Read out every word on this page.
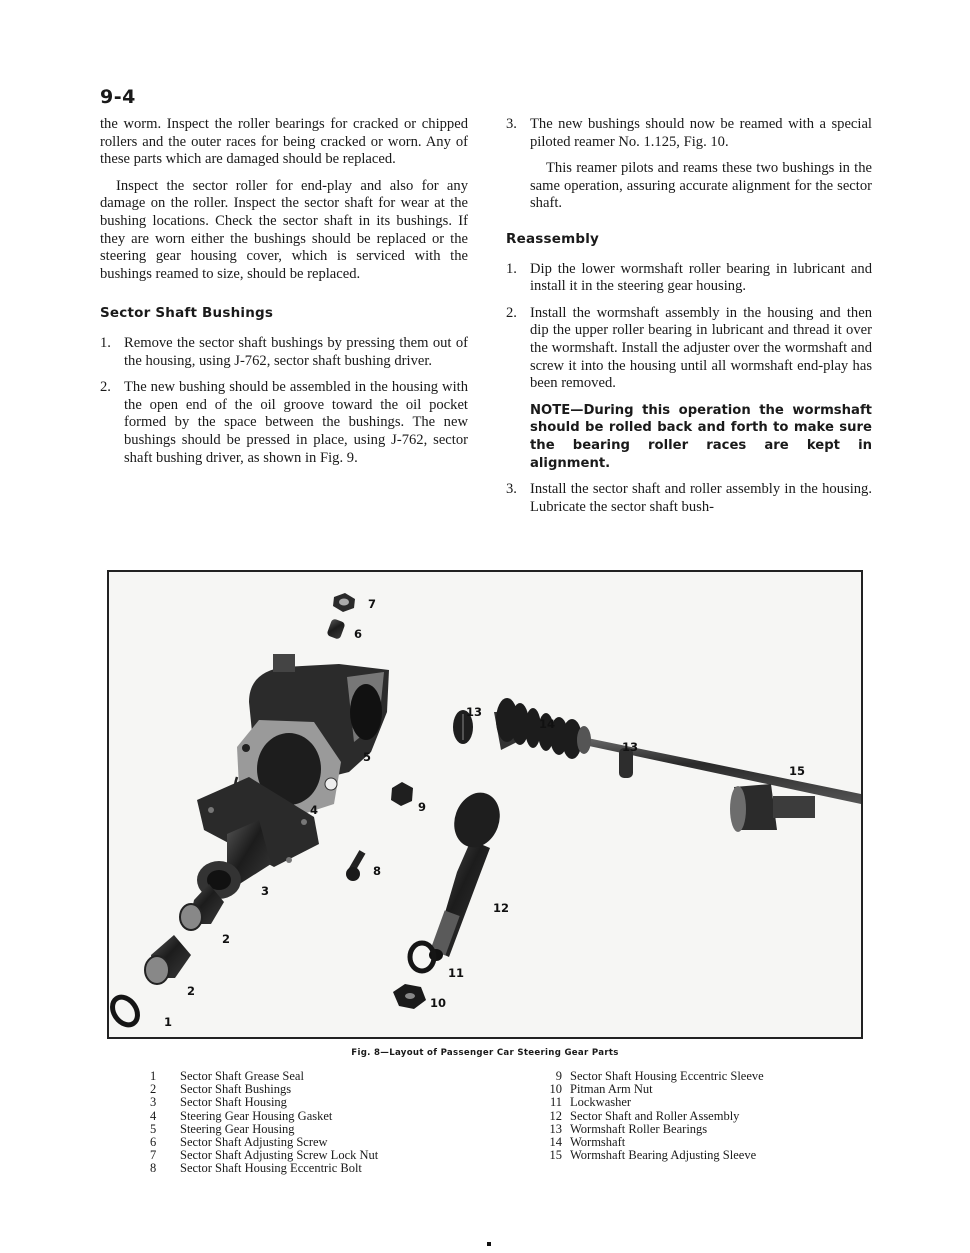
9-4

the worm. Inspect the roller bearings for cracked or chipped rollers and the outer races for being cracked or worn. Any of these parts which are damaged should be replaced.

Inspect the sector roller for end-play and also for any damage on the roller. Inspect the sector shaft for wear at the bushing locations. Check the sector shaft in its bushings. If they are worn either the bushings should be replaced or the steering gear housing cover, which is serviced with the bushings reamed to size, should be replaced.

Sector Shaft Bushings
1. Remove the sector shaft bushings by pressing them out of the housing, using J-762, sector shaft bushing driver.
2. The new bushing should be assembled in the housing with the open end of the oil groove toward the oil pocket formed by the space between the bushings. The new bushings should be pressed in place, using J-762, sector shaft bushing driver, as shown in Fig. 9.
3. The new bushings should now be reamed with a special piloted reamer No. 1.125, Fig. 10.

This reamer pilots and reams these two bushings in the same operation, assuring accurate alignment for the sector shaft.

Reassembly
1. Dip the lower wormshaft roller bearing in lubricant and install it in the steering gear housing.
2. Install the wormshaft assembly in the housing and then dip the upper roller bearing in lubricant and thread it over the wormshaft. Install the adjuster over the wormshaft and screw it into the housing until all wormshaft end-play has been removed.

NOTE—During this operation the wormshaft should be rolled back and forth to make sure the bearing roller races are kept in alignment.

3. Install the sector shaft and roller assembly in the housing. Lubricate the sector shaft bush-
7
6
13
14
13
5
15
4	9
8
3
12
2
11
2
10
1
Fig. 8—Layout of Passenger Car Steering Gear Parts
1	Sector Shaft Grease Seal
2	Sector Shaft Bushings
3	Sector Shaft Housing
4	Steering Gear Housing Gasket
5	Steering Gear Housing
6	Sector Shaft Adjusting Screw
7	Sector Shaft Adjusting Screw Lock Nut
8	Sector Shaft Housing Eccentric Bolt
9 Sector Shaft Housing Eccentric Sleeve
10 Pitman Arm Nut
11 Lockwasher
12 Sector Shaft and Roller Assembly
13 Wormshaft Roller Bearings
14 Wormshaft
15 Wormshaft Bearing Adjusting Sleeve
